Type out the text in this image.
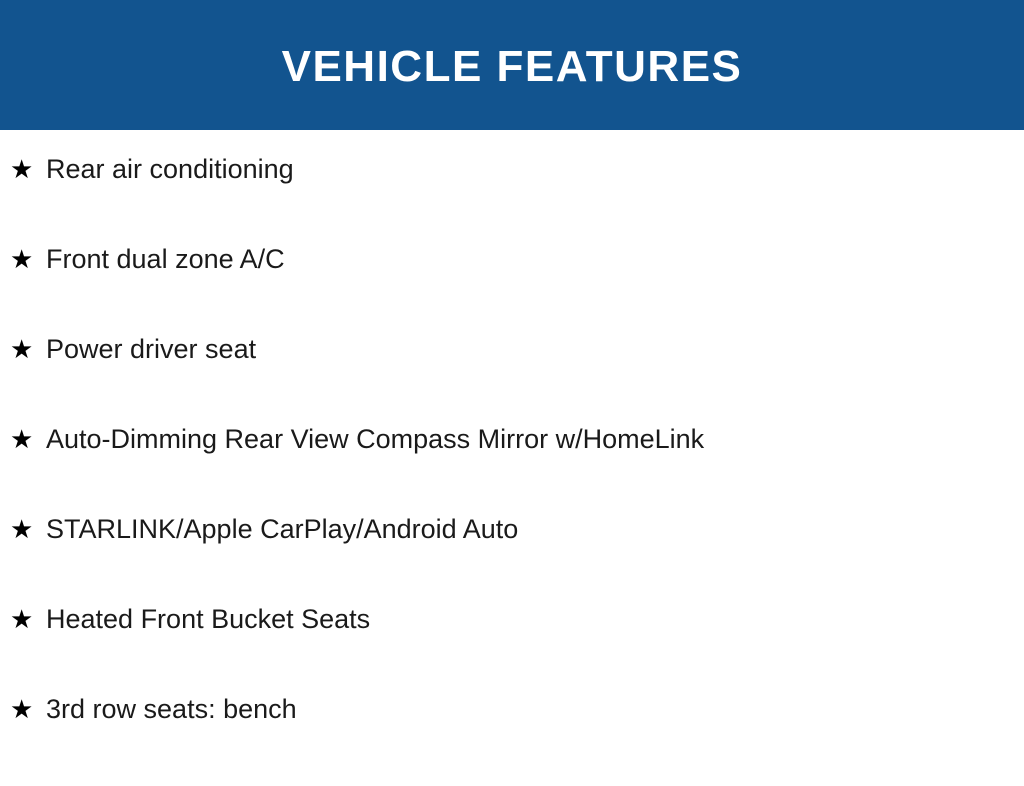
VEHICLE FEATURES
★ Rear air conditioning
★ Front dual zone A/C
★ Power driver seat
★ Auto-Dimming Rear View Compass Mirror w/HomeLink
★ STARLINK/Apple CarPlay/Android Auto
★ Heated Front Bucket Seats
★ 3rd row seats: bench
